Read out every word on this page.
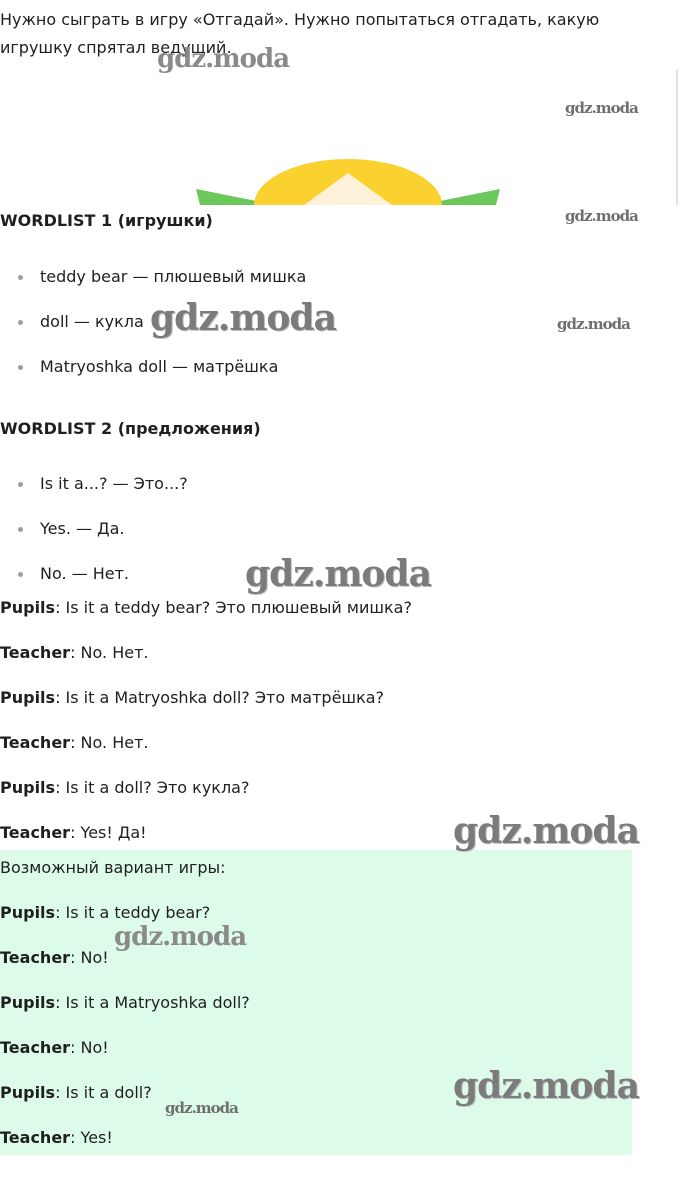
Нужно сыграть в игру «Отгадай». Нужно попытаться отгадать, какую игрушку спрятал ведущий.

WORDLIST 1 (игрушки)
teddy bear — плюшевый мишка
doll — кукла
Matryoshka doll — матрёшка
WORDLIST 2 (предложения)
Is it a...? — Это...?
Yes. — Да.
No. — Нет.
Pupils: Is it a teddy bear? Это плюшевый мишка?
Teacher: No. Нет.
Pupils: Is it a Matryoshka doll? Это матрёшка?
Teacher: No. Нет.
Pupils: Is it a doll? Это кукла?
Teacher: Yes! Да!

Возможный вариант игры:

Pupils: Is it a teddy bear?
Teacher: No!
Pupils: Is it a Matryoshka doll?
Teacher: No!
Pupils: Is it a doll?
Teacher: Yes!
gdz.moda
gdz.moda
gdz.moda
gdz.moda	gdz.moda
gdz.moda
gdz.moda
gdz.moda
gdz.moda
gdz.moda
